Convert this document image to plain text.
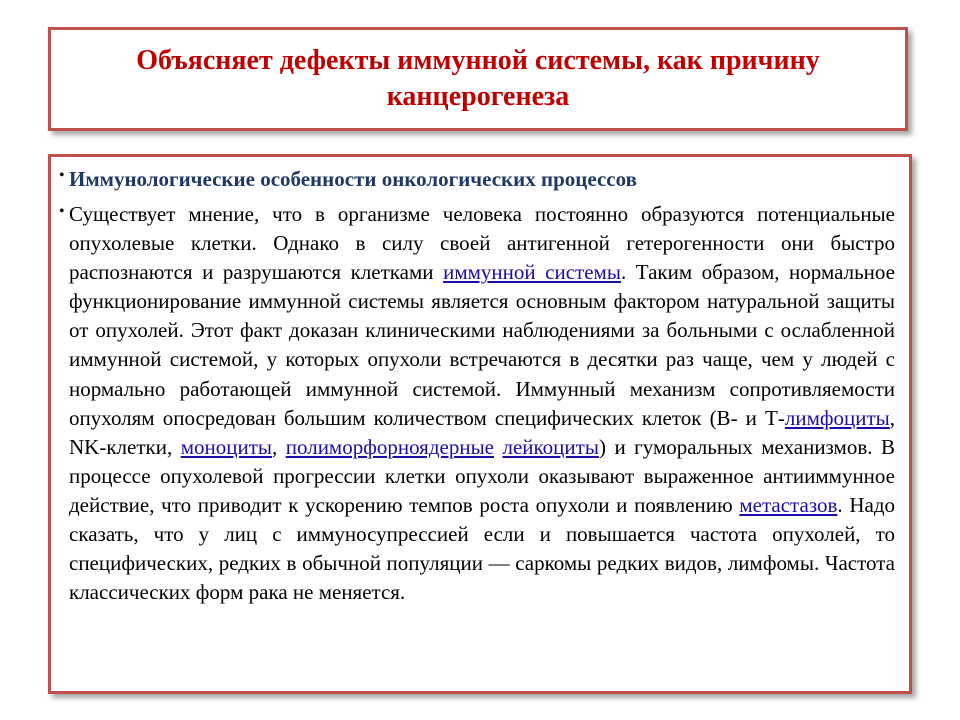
Объясняет дефекты иммунной системы, как причину канцерогенеза
• Иммунологические особенности онкологических процессов
• Существует мнение, что в организме человека постоянно образуются потенциальные опухолевые клетки. Однако в силу своей антигенной гетерогенности они быстро распознаются и разрушаются клетками иммунной системы. Таким образом, нормальное функционирование иммунной системы является основным фактором натуральной защиты от опухолей. Этот факт доказан клиническими наблюдениями за больными с ослабленной иммунной системой, у которых опухоли встречаются в десятки раз чаще, чем у людей с нормально работающей иммунной системой. Иммунный механизм сопротивляемости опухолям опосредован большим количеством специфических клеток (В- и Т-лимфоциты, NK-клетки, моноциты, полиморфорноядерные лейкоциты) и гуморальных механизмов. В процессе опухолевой прогрессии клетки опухоли оказывают выраженное антииммунное действие, что приводит к ускорению темпов роста опухоли и появлению метастазов. Надо сказать, что у лиц с иммуносупрессией если и повышается частота опухолей, то специфических, редких в обычной популяции — саркомы редких видов, лимфомы. Частота классических форм рака не меняется.
